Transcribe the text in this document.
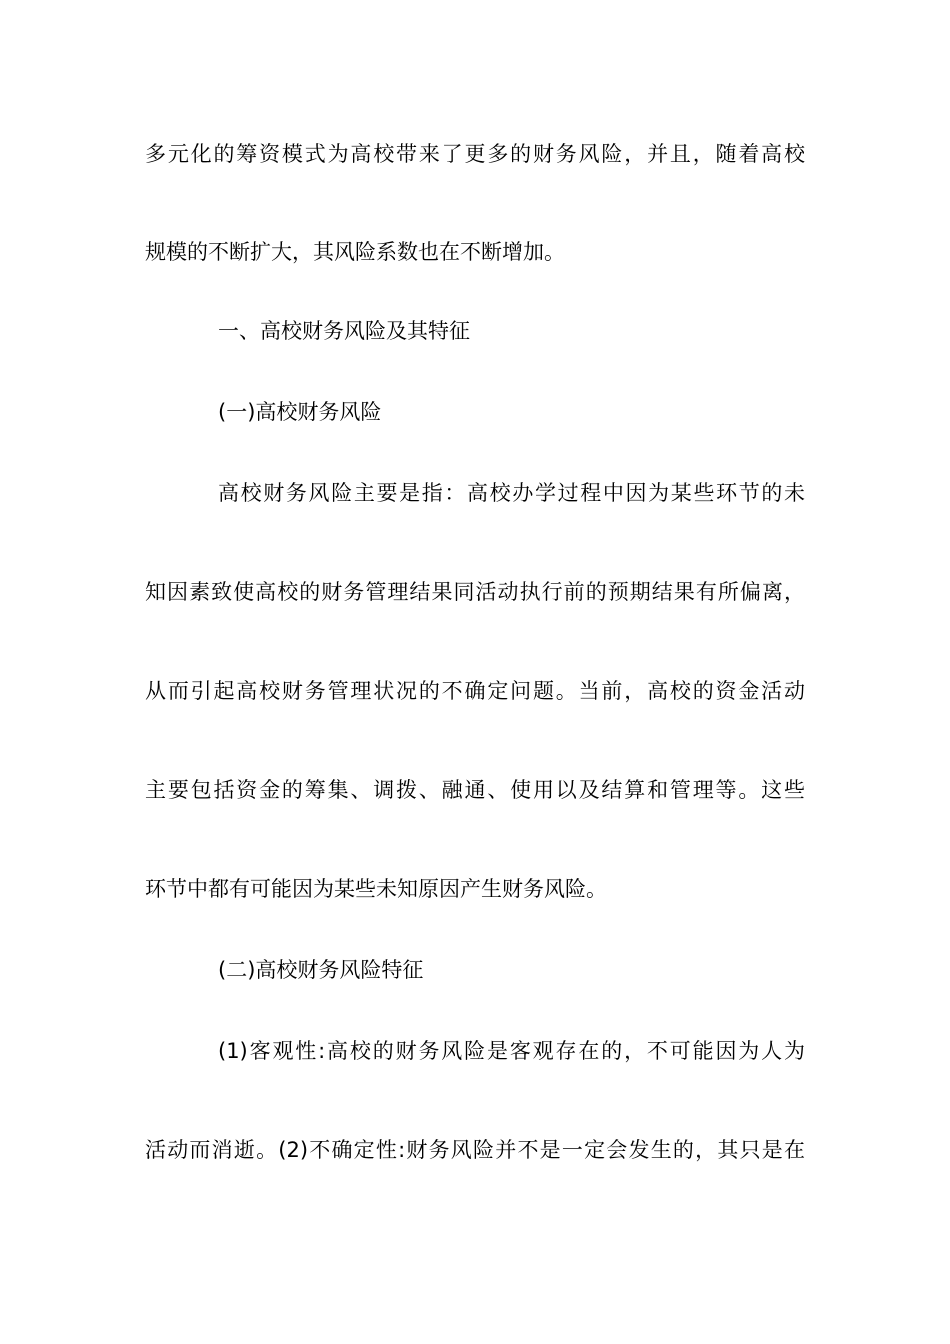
多元化的筹资模式为高校带来了更多的财务风险，并且，随着高校
规模的不断扩大，其风险系数也在不断增加。
一、高校财务风险及其特征
(一)高校财务风险
高校财务风险主要是指：高校办学过程中因为某些环节的未
知因素致使高校的财务管理结果同活动执行前的预期结果有所偏离，
从而引起高校财务管理状况的不确定问题。当前，高校的资金活动
主要包括资金的筹集、调拨、融通、使用以及结算和管理等。这些
环节中都有可能因为某些未知原因产生财务风险。
(二)高校财务风险特征
(1)客观性:高校的财务风险是客观存在的，不可能因为人为
活动而消逝。(2)不确定性:财务风险并不是一定会发生的，其只是在
